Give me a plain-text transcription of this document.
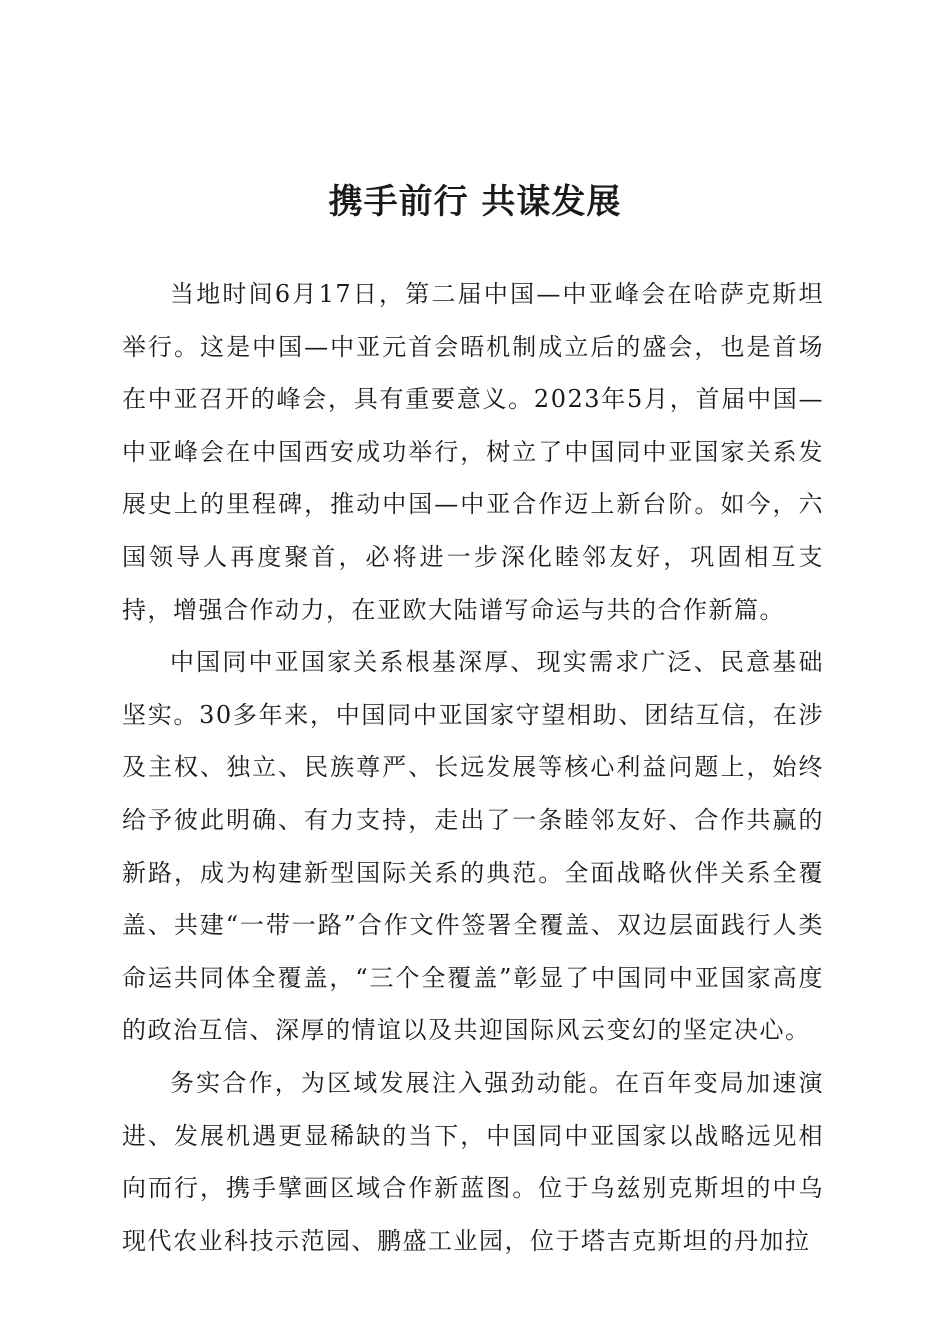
携手前行 共谋发展

当地时间6月17日，第二届中国—中亚峰会在哈萨克斯坦举行。这是中国—中亚元首会晤机制成立后的盛会，也是首场在中亚召开的峰会，具有重要意义。2023年5月，首届中国—中亚峰会在中国西安成功举行，树立了中国同中亚国家关系发展史上的里程碑，推动中国—中亚合作迈上新台阶。如今，六国领导人再度聚首，必将进一步深化睦邻友好，巩固相互支持，增强合作动力，在亚欧大陆谱写命运与共的合作新篇。

中国同中亚国家关系根基深厚、现实需求广泛、民意基础坚实。30多年来，中国同中亚国家守望相助、团结互信，在涉及主权、独立、民族尊严、长远发展等核心利益问题上，始终给予彼此明确、有力支持，走出了一条睦邻友好、合作共赢的新路，成为构建新型国际关系的典范。全面战略伙伴关系全覆盖、共建“一带一路”合作文件签署全覆盖、双边层面践行人类命运共同体全覆盖，“三个全覆盖”彰显了中国同中亚国家高度的政治互信、深厚的情谊以及共迎国际风云变幻的坚定决心。

务实合作，为区域发展注入强劲动能。在百年变局加速演进、发展机遇更显稀缺的当下，中国同中亚国家以战略远见相向而行，携手擘画区域合作新蓝图。位于乌兹别克斯坦的中乌现代农业科技示范园、鹏盛工业园，位于塔吉克斯坦的丹加拉
